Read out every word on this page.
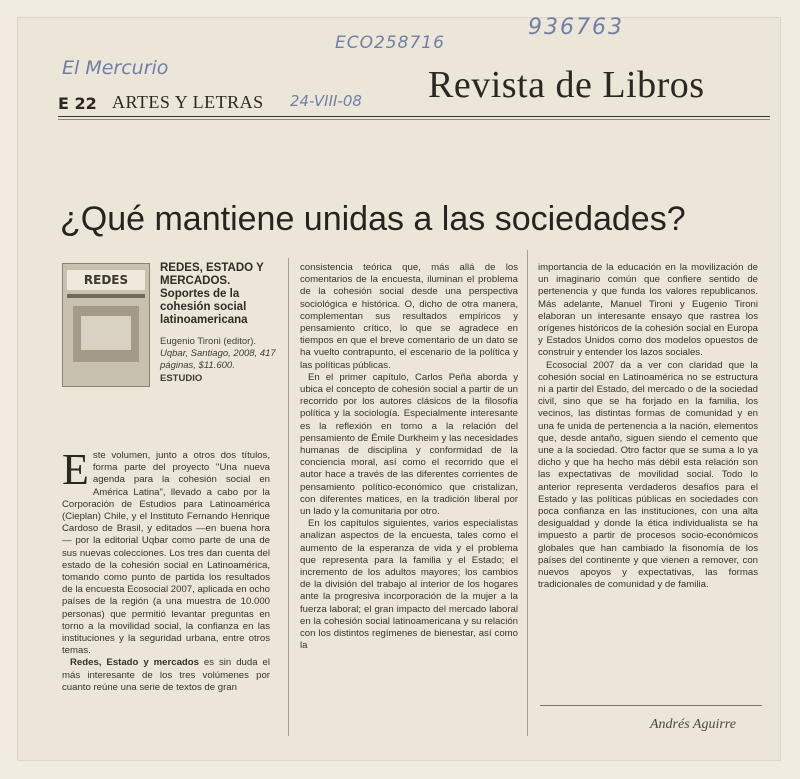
936763
ECO258716
El Mercurio
24-VIII-08
E 22 ARTES Y LETRAS	Revista de Libros
¿Qué mantiene unidas a las sociedades?
REDES
REDES, ESTADO Y MERCADOS. Soportes de la cohesión social latinoamericana
Eugenio Tironi (editor). Uqbar, Santiago, 2008, 417 páginas, $11.600.
ESTUDIO

Este volumen, junto a otros dos títulos, forma parte del proyecto "Una nueva agenda para la cohesión social en América Latina", llevado a cabo por la Corporación de Estudios para Latinoamérica (Cieplan) Chile, y el Instituto Fernando Henrique Cardoso de Brasil, y editados —en buena hora— por la editorial Uqbar como parte de una de sus nuevas colecciones. Los tres dan cuenta del estado de la cohesión social en Latinoamérica, tomando como punto de partida los resultados de la encuesta Ecosocial 2007, aplicada en ocho países de la región (a una muestra de 10.000 personas) que permitió levantar preguntas en torno a la movilidad social, la confianza en las instituciones y la seguridad urbana, entre otros temas.

Redes, Estado y mercados es sin duda el más interesante de los tres volúmenes por cuanto reúne una serie de textos de gran

consistencia teórica que, más allá de los comentarios de la encuesta, iluminan el problema de la cohesión social desde una perspectiva sociológica e histórica. O, dicho de otra manera, complementan sus resultados empíricos y pensamiento crítico, lo que se agradece en tiempos en que el breve comentario de un dato se ha vuelto contrapunto, el escenario de la política y las políticas públicas.

En el primer capítulo, Carlos Peña aborda y ubica el concepto de cohesión social a partir de un recorrido por los autores clásicos de la filosofía política y la sociología. Especialmente interesante es la reflexión en torno a la relación del pensamiento de Émile Durkheim y las necesidades humanas de disciplina y conformidad de la conciencia moral, así como el recorrido que el autor hace a través de las diferentes corrientes de pensamiento político-económico que cristalizan, con diferentes matices, en la tradición liberal por un lado y la comunitaria por otro.

En los capítulos siguientes, varios especialistas analizan aspectos de la encuesta, tales como el aumento de la esperanza de vida y el problema que representa para la familia y el Estado; el incremento de los adultos mayores; los cambios de la división del trabajo al interior de los hogares ante la progresiva incorporación de la mujer a la fuerza laboral; el gran impacto del mercado laboral en la cohesión social latinoamericana y su relación con los distintos regímenes de bienestar, así como la

importancia de la educación en la movilización de un imaginario común que confiere sentido de pertenencia y que funda los valores republicanos. Más adelante, Manuel Tironi y Eugenio Tironi elaboran un interesante ensayo que rastrea los orígenes históricos de la cohesión social en Europa y Estados Unidos como dos modelos opuestos de construir y entender los lazos sociales.

Ecosocial 2007 da a ver con claridad que la cohesión social en Latinoamérica no se estructura ni a partir del Estado, del mercado o de la sociedad civil, sino que se ha forjado en la familia, los vecinos, las distintas formas de comunidad y en una fe unida de pertenencia a la nación, elementos que, desde antaño, siguen siendo el cemento que une a la sociedad. Otro factor que se suma a lo ya dicho y que ha hecho más débil esta relación son las expectativas de movilidad social. Todo lo anterior representa verdaderos desafíos para el Estado y las políticas públicas en sociedades con poca confianza en las instituciones, con una alta desigualdad y donde la ética individualista se ha impuesto a partir de procesos socio-económicos globales que han cambiado la fisonomía de los países del continente y que vienen a remover, con nuevos apoyos y expectativas, las formas tradicionales de comunidad y de familia.

Andrés Aguirre
